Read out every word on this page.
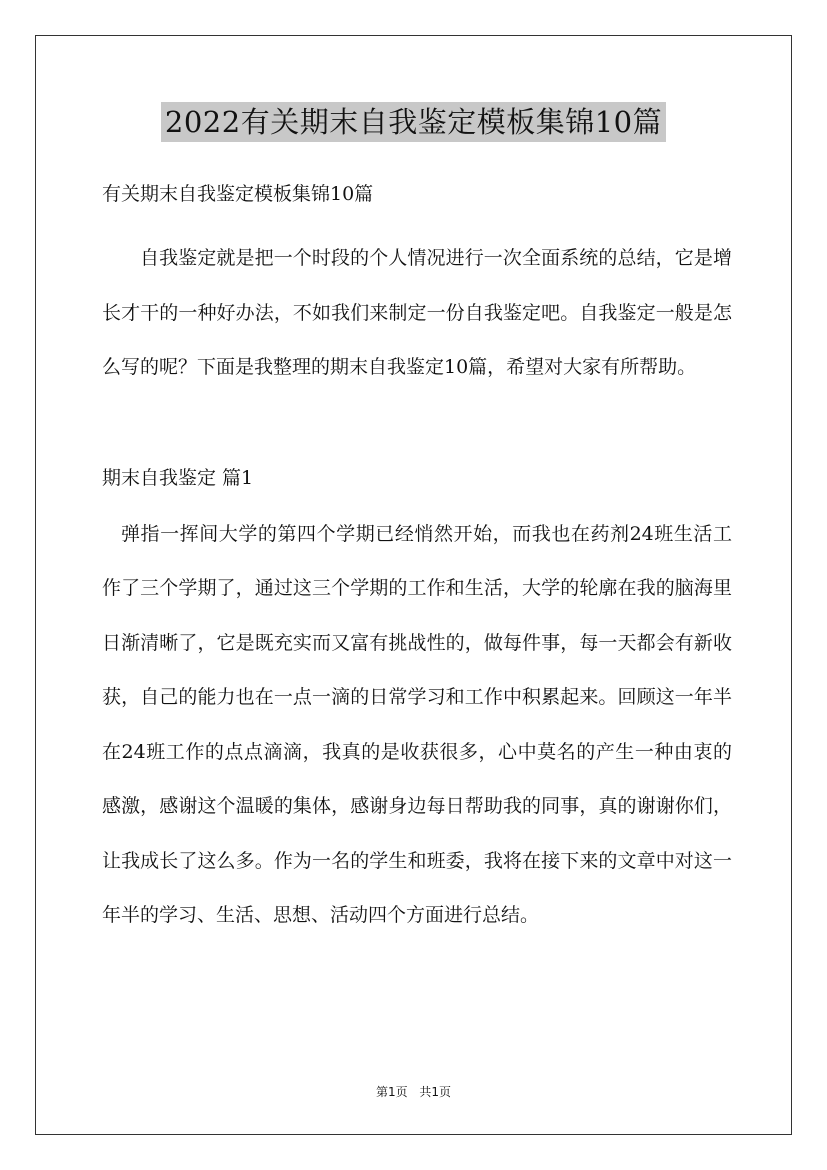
2022有关期末自我鉴定模板集锦10篇

有关期末自我鉴定模板集锦10篇

自我鉴定就是把一个时段的个人情况进行一次全面系统的总结，它是增长才干的一种好办法，不如我们来制定一份自我鉴定吧。自我鉴定一般是怎么写的呢？下面是我整理的期末自我鉴定10篇，希望对大家有所帮助。

期末自我鉴定 篇1

弹指一挥间大学的第四个学期已经悄然开始，而我也在药剂24班生活工作了三个学期了，通过这三个学期的工作和生活，大学的轮廓在我的脑海里日渐清晰了，它是既充实而又富有挑战性的，做每件事，每一天都会有新收获，自己的能力也在一点一滴的日常学习和工作中积累起来。回顾这一年半在24班工作的点点滴滴，我真的是收获很多，心中莫名的产生一种由衷的感激，感谢这个温暖的集体，感谢身边每日帮助我的同事，真的谢谢你们，让我成长了这么多。作为一名的学生和班委，我将在接下来的文章中对这一年半的学习、生活、思想、活动四个方面进行总结。

第1页 共1页
